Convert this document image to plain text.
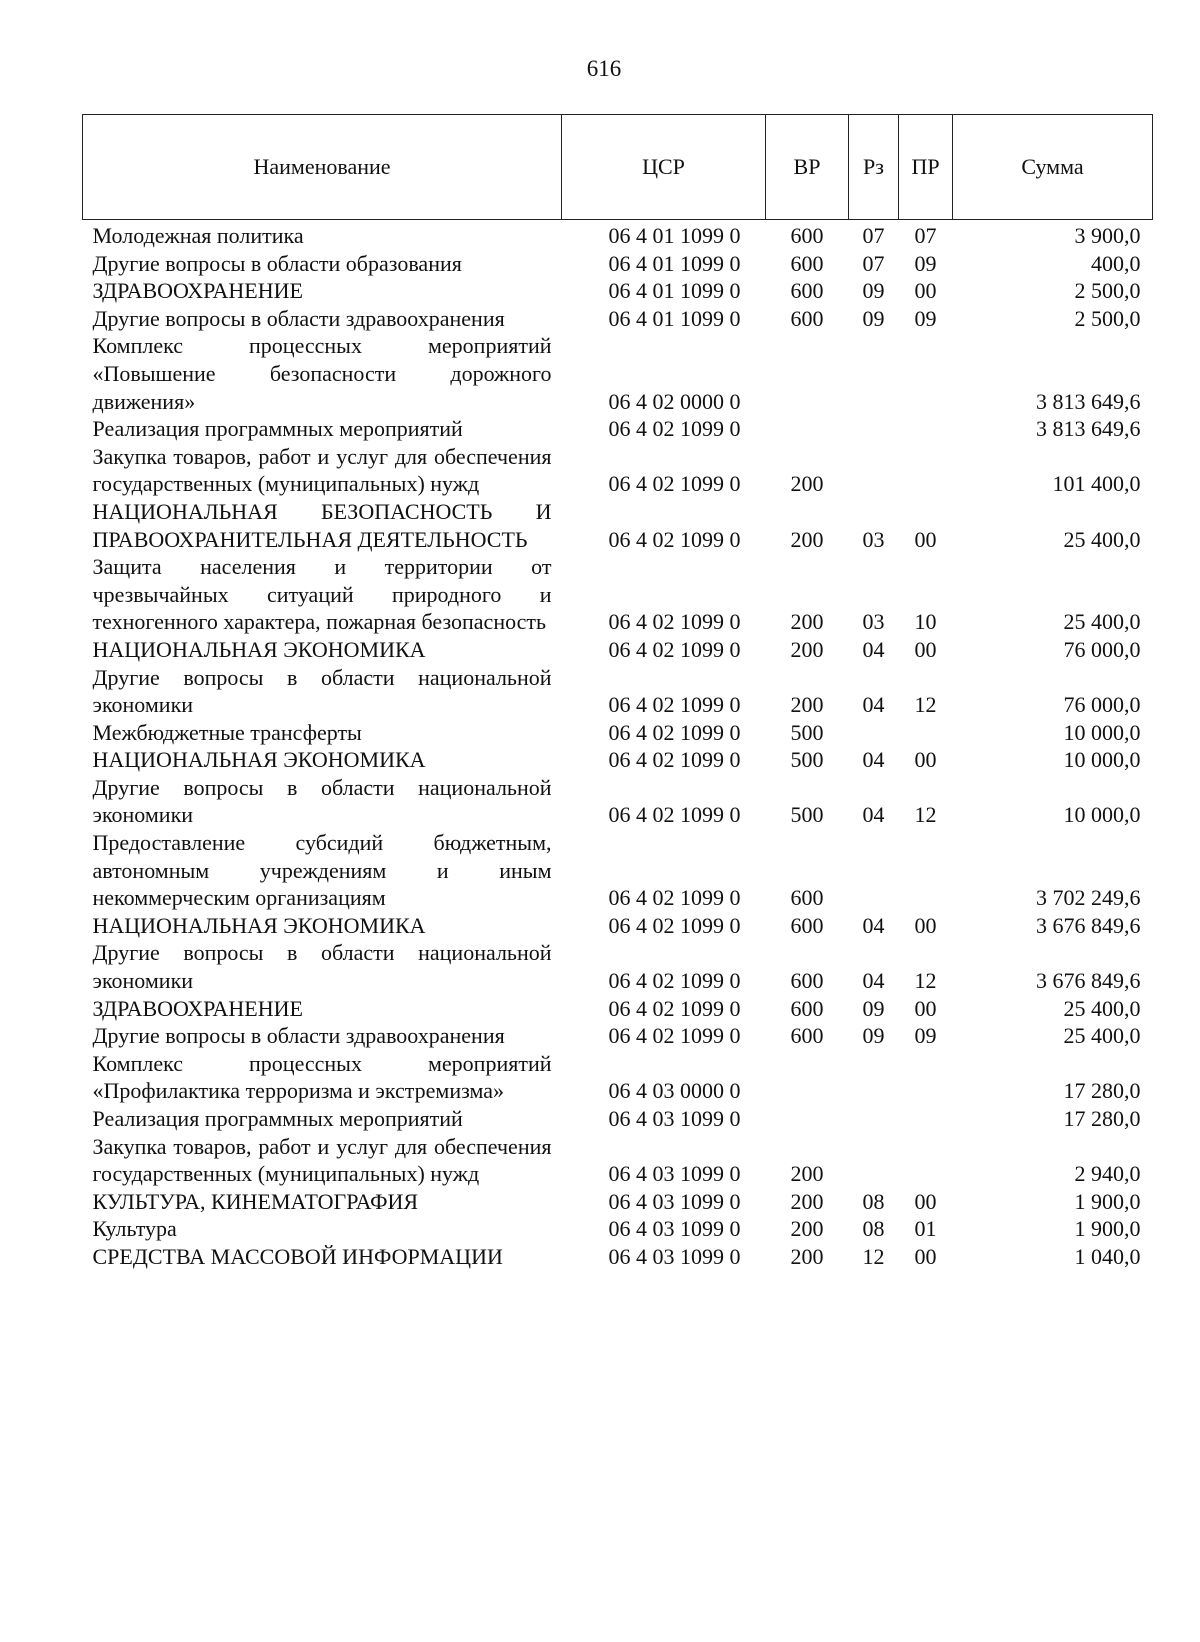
616
Наименование	ЦСР	ВР	Рз	ПР	Сумма
Молодежная политика	06 4 01 1099 0	600	07	07	3 900,0
Другие вопросы в области образования	06 4 01 1099 0	600	07	09	400,0
ЗДРАВООХРАНЕНИЕ	06 4 01 1099 0	600	09	00	2 500,0
Другие вопросы в области здравоохранения	06 4 01 1099 0	600	09	09	2 500,0
Комплекс процессных мероприятий «Повышение безопасности дорожного движения»	06 4 02 0000 0				3 813 649,6
Реализация программных мероприятий	06 4 02 1099 0				3 813 649,6
Закупка товаров, работ и услуг для обеспечения государственных (муниципальных) нужд	06 4 02 1099 0	200			101 400,0
НАЦИОНАЛЬНАЯ БЕЗОПАСНОСТЬ И ПРАВООХРАНИТЕЛЬНАЯ ДЕЯТЕЛЬНОСТЬ	06 4 02 1099 0	200	03	00	25 400,0
Защита населения и территории от чрезвычайных ситуаций природного и техногенного характера, пожарная безопасность	06 4 02 1099 0	200	03	10	25 400,0
НАЦИОНАЛЬНАЯ ЭКОНОМИКА	06 4 02 1099 0	200	04	00	76 000,0
Другие вопросы в области национальной экономики	06 4 02 1099 0	200	04	12	76 000,0
Межбюджетные трансферты	06 4 02 1099 0	500			10 000,0
НАЦИОНАЛЬНАЯ ЭКОНОМИКА	06 4 02 1099 0	500	04	00	10 000,0
Другие вопросы в области национальной экономики	06 4 02 1099 0	500	04	12	10 000,0
Предоставление субсидий бюджетным, автономным учреждениям и иным некоммерческим организациям	06 4 02 1099 0	600			3 702 249,6
НАЦИОНАЛЬНАЯ ЭКОНОМИКА	06 4 02 1099 0	600	04	00	3 676 849,6
Другие вопросы в области национальной экономики	06 4 02 1099 0	600	04	12	3 676 849,6
ЗДРАВООХРАНЕНИЕ	06 4 02 1099 0	600	09	00	25 400,0
Другие вопросы в области здравоохранения	06 4 02 1099 0	600	09	09	25 400,0
Комплекс процессных мероприятий «Профилактика терроризма и экстремизма»	06 4 03 0000 0				17 280,0
Реализация программных мероприятий	06 4 03 1099 0				17 280,0
Закупка товаров, работ и услуг для обеспечения государственных (муниципальных) нужд	06 4 03 1099 0	200			2 940,0
КУЛЬТУРА, КИНЕМАТОГРАФИЯ	06 4 03 1099 0	200	08	00	1 900,0
Культура	06 4 03 1099 0	200	08	01	1 900,0
СРЕДСТВА МАССОВОЙ ИНФОРМАЦИИ	06 4 03 1099 0	200	12	00	1 040,0
